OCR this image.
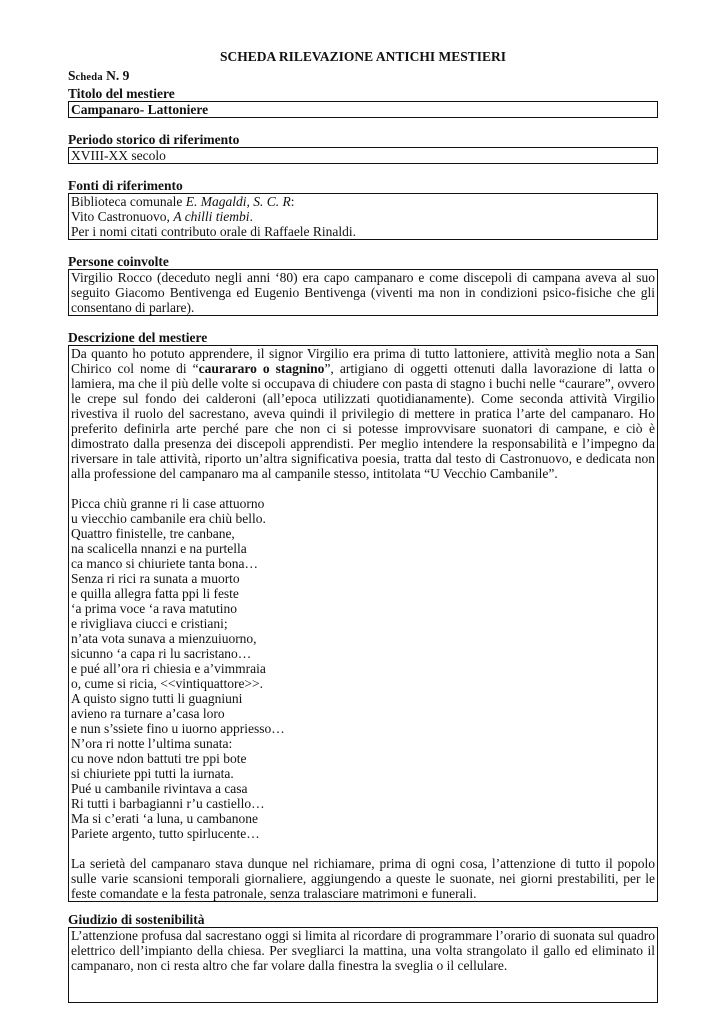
SCHEDA RILEVAZIONE ANTICHI MESTIERI
Scheda N. 9
Titolo del mestiere
Campanaro- Lattoniere
Periodo storico di riferimento
XVIII-XX secolo
Fonti di riferimento
Biblioteca comunale E. Magaldi, S. C. R:
Vito Castronuovo, A chilli tiembi.
Per i nomi citati contributo orale di Raffaele Rinaldi.
Persone coinvolte

Virgilio Rocco (deceduto negli anni ‘80) era capo campanaro e come discepoli di campana aveva al suo seguito Giacomo Bentivenga ed Eugenio Bentivenga (viventi ma non in condizioni psico-fisiche che gli consentano di parlare).

Descrizione del mestiere

Da quanto ho potuto apprendere, il signor Virgilio era prima di tutto lattoniere, attività meglio nota a San Chirico col nome di “caurararo o stagnino”, artigiano di oggetti ottenuti dalla lavorazione di latta o lamiera, ma che il più delle volte si occupava di chiudere con pasta di stagno i buchi nelle “caurare”, ovvero le crepe sul fondo dei calderoni (all’epoca utilizzati quotidianamente). Come seconda attività Virgilio rivestiva il ruolo del sacrestano, aveva quindi il privilegio di mettere in pratica l’arte del campanaro. Ho preferito definirla arte perché pare che non ci si potesse improvvisare suonatori di campane, e ciò è dimostrato dalla presenza dei discepoli apprendisti. Per meglio intendere la responsabilità e l’impegno da riversare in tale attività, riporto un’altra significativa poesia, tratta dal testo di Castronuovo, e dedicata non alla professione del campanaro ma al campanile stesso, intitolata “U Vecchio Cambanile”.

Picca chiù granne ri li case attuorno
u viecchio cambanile era chiù bello.
Quattro finistelle, tre canbane,
na scalicella nnanzi e na purtella
ca manco si chiuriete tanta bona…
Senza ri rici ra sunata a muorto
e quilla allegra fatta ppi li feste
‘a prima voce ‘a rava matutino
e rivigliava ciucci e cristiani;
n’ata vota sunava a mienzuiuorno,
sicunno ‘a capa ri lu sacristano…
e pué all’ora ri chiesia e a’vimmraia
o, cume si ricia, <<vintiquattore>>.
A quisto signo tutti li guagniuni
avieno ra turnare a’casa loro
e nun s’ssiete fino u iuorno appriesso…
N’ora ri notte l’ultima sunata:
cu nove ndon battuti tre ppi bote
si chiuriete ppi tutti la iurnata.
Pué u cambanile rivintava a casa
Ri tutti i barbagianni r’u castiello…
Ma si c’erati ‘a luna, u cambanone
Pariete argento, tutto spirlucente…

La serietà del campanaro stava dunque nel richiamare, prima di ogni cosa, l’attenzione di tutto il popolo sulle varie scansioni temporali giornaliere, aggiungendo a queste le suonate, nei giorni prestabiliti, per le feste comandate e la festa patronale, senza tralasciare matrimoni e funerali.

Giudizio di sostenibilità

L’attenzione profusa dal sacrestano oggi si limita al ricordare di programmare l’orario di suonata sul quadro elettrico dell’impianto della chiesa. Per svegliarci la mattina, una volta strangolato il gallo ed eliminato il campanaro, non ci resta altro che far volare dalla finestra la sveglia o il cellulare.
